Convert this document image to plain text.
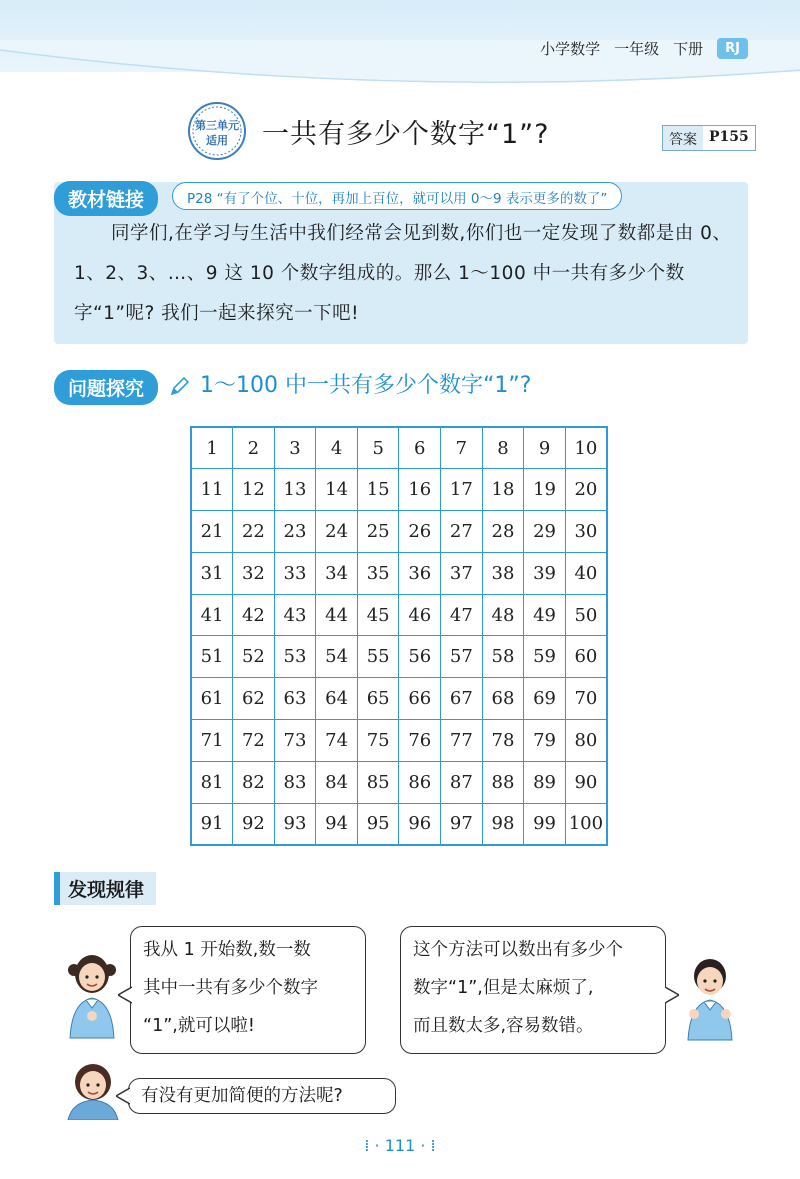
小学数学 一年级 下册	RJ
第三单元
适用 一共有多少个数字“1”?	答案 P155
教材链接	P28 “有了个位、十位，再加上百位，就可以用 0～9 表示更多的数了”
同学们,在学习与生活中我们经常会见到数,你们也一定发现了数都是由 0、1、2、3、…、9 这 10 个数字组成的。那么 1～100 中一共有多少个数字“1”呢? 我们一起来探究一下吧!
问题探究	1～100 中一共有多少个数字“1”?
1	2	3	4	5	6	7	8	9	10
11	12	13	14	15	16	17	18	19	20
21	22	23	24	25	26	27	28	29	30
31	32	33	34	35	36	37	38	39	40
41	42	43	44	45	46	47	48	49	50
51	52	53	54	55	56	57	58	59	60
61	62	63	64	65	66	67	68	69	70
71	72	73	74	75	76	77	78	79	80
81	82	83	84	85	86	87	88	89	90
91	92	93	94	95	96	97	98	99	100
发现规律
我从 1 开始数,数一数
其中一共有多少个数字
“1”,就可以啦!
这个方法可以数出有多少个
数字“1”,但是太麻烦了,
而且数太多,容易数错。
有没有更加简便的方法呢?
⁞ · 111 · ⁞
